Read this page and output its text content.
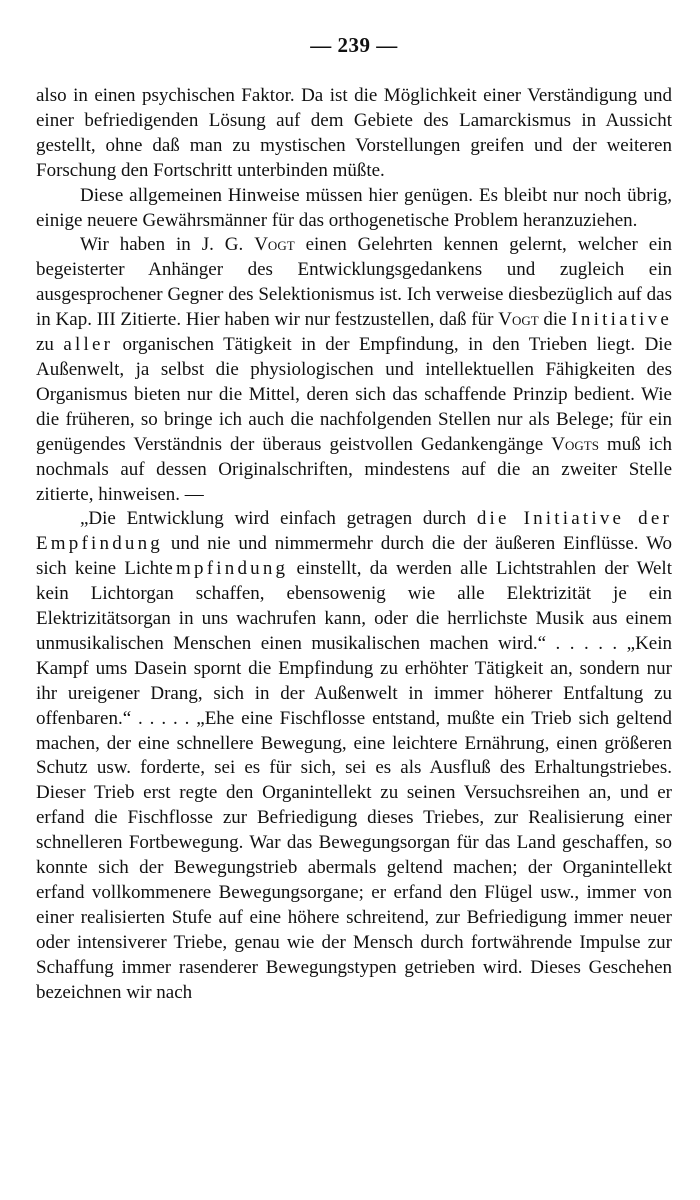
— 239 —

also in einen psychischen Faktor. Da ist die Möglichkeit einer Verständigung und einer befriedigenden Lösung auf dem Gebiete des Lamarckismus in Aussicht gestellt, ohne daß man zu mystischen Vorstellungen greifen und der weiteren Forschung den Fortschritt unterbinden müßte.

Diese allgemeinen Hinweise müssen hier genügen. Es bleibt nur noch übrig, einige neuere Gewährsmänner für das orthogenetische Problem heranzuziehen.

Wir haben in J. G. Vogt einen Gelehrten kennen gelernt, welcher ein begeisterter Anhänger des Entwicklungsgedankens und zugleich ein ausgesprochener Gegner des Selektionismus ist. Ich verweise diesbezüglich auf das in Kap. III Zitierte. Hier haben wir nur festzustellen, daß für Vogt die Initiative zu aller organischen Tätigkeit in der Empfindung, in den Trieben liegt. Die Außenwelt, ja selbst die physiologischen und intellektuellen Fähigkeiten des Organismus bieten nur die Mittel, deren sich das schaffende Prinzip bedient. Wie die früheren, so bringe ich auch die nachfolgenden Stellen nur als Belege; für ein genügendes Verständnis der überaus geistvollen Gedankengänge Vogts muß ich nochmals auf dessen Originalschriften, mindestens auf die an zweiter Stelle zitierte, hinweisen. —

„Die Entwicklung wird einfach getragen durch die Initiative der Empfindung und nie und nimmermehr durch die der äußeren Einflüsse. Wo sich keine Lichtempfindung einstellt, da werden alle Lichtstrahlen der Welt kein Lichtorgan schaffen, ebensowenig wie alle Elektrizität je ein Elektrizitätsorgan in uns wachrufen kann, oder die herrlichste Musik aus einem unmusikalischen Menschen einen musikalischen machen wird.“ . . . . . „Kein Kampf ums Dasein spornt die Empfindung zu erhöhter Tätigkeit an, sondern nur ihr ureigener Drang, sich in der Außenwelt in immer höherer Entfaltung zu offenbaren.“ . . . . . „Ehe eine Fischflosse entstand, mußte ein Trieb sich geltend machen, der eine schnellere Bewegung, eine leichtere Ernährung, einen größeren Schutz usw. forderte, sei es für sich, sei es als Ausfluß des Erhaltungstriebes. Dieser Trieb erst regte den Organintellekt zu seinen Versuchsreihen an, und er erfand die Fischflosse zur Befriedigung dieses Triebes, zur Realisierung einer schnelleren Fortbewegung. War das Bewegungsorgan für das Land geschaffen, so konnte sich der Bewegungstrieb abermals geltend machen; der Organintellekt erfand vollkommenere Bewegungsorgane; er erfand den Flügel usw., immer von einer realisierten Stufe auf eine höhere schreitend, zur Befriedigung immer neuer oder intensiverer Triebe, genau wie der Mensch durch fortwährende Impulse zur Schaffung immer rasenderer Bewegungstypen getrieben wird. Dieses Geschehen bezeichnen wir nach
